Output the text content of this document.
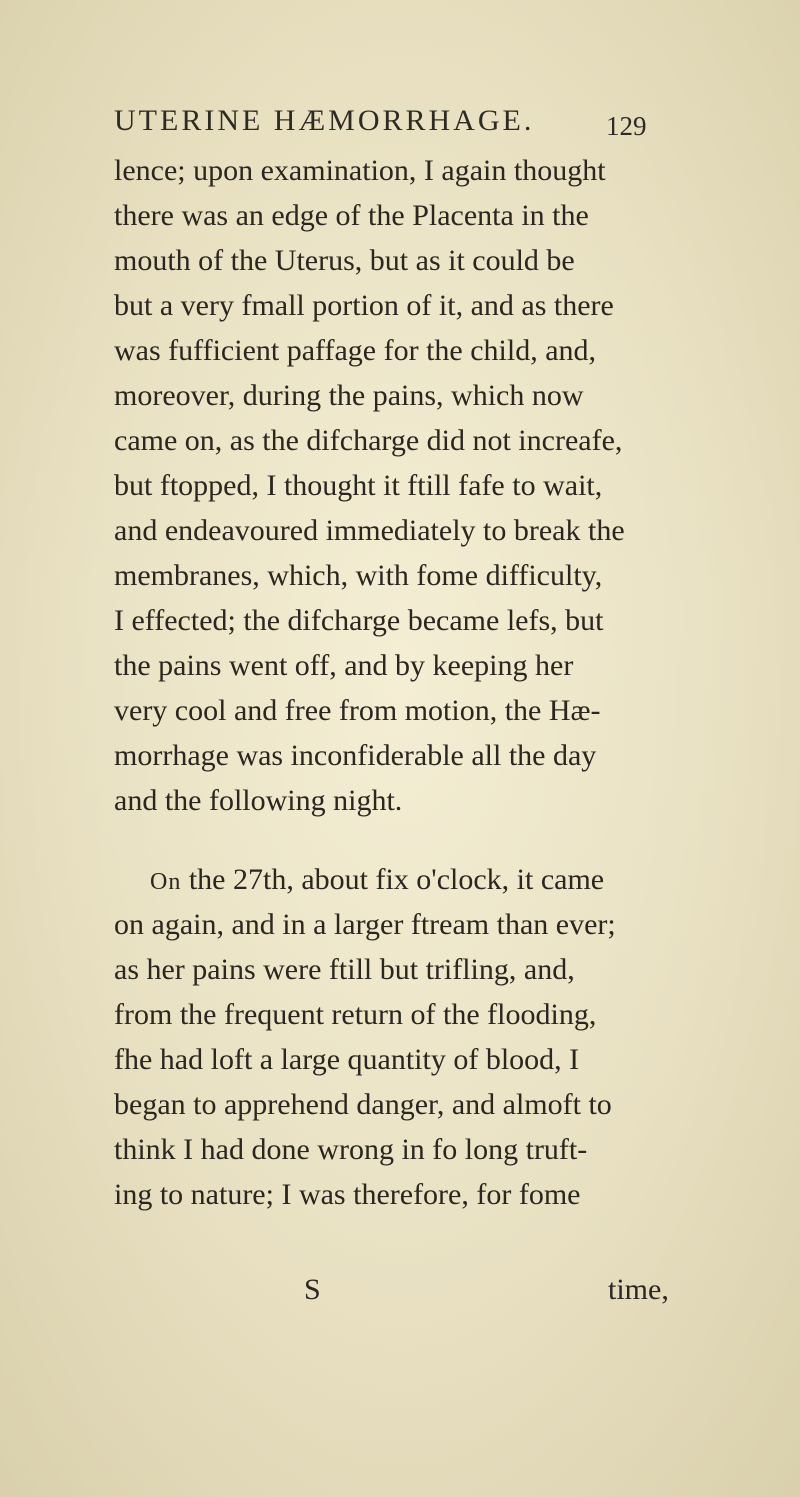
UTERINE HÆMORRHAGE.	129
lence; upon examination, I again thought
there was an edge of the Placenta in the
mouth of the Uterus, but as it could be
but a very fmall portion of it, and as there
was fufficient paffage for the child, and,
moreover, during the pains, which now
came on, as the difcharge did not increafe,
but ftopped, I thought it ftill fafe to wait,
and endeavoured immediately to break the
membranes, which, with fome difficulty,
I effected; the difcharge became lefs, but
the pains went off, and by keeping her
very cool and free from motion, the Hæ-
morrhage was inconfiderable all the day
and the following night.
On the 27th, about fix o'clock, it came
on again, and in a larger ftream than ever;
as her pains were ftill but trifling, and,
from the frequent return of the flooding,
fhe had loft a large quantity of blood, I
began to apprehend danger, and almoft to
think I had done wrong in fo long truft-
ing to nature; I was therefore, for fome
S	time,
